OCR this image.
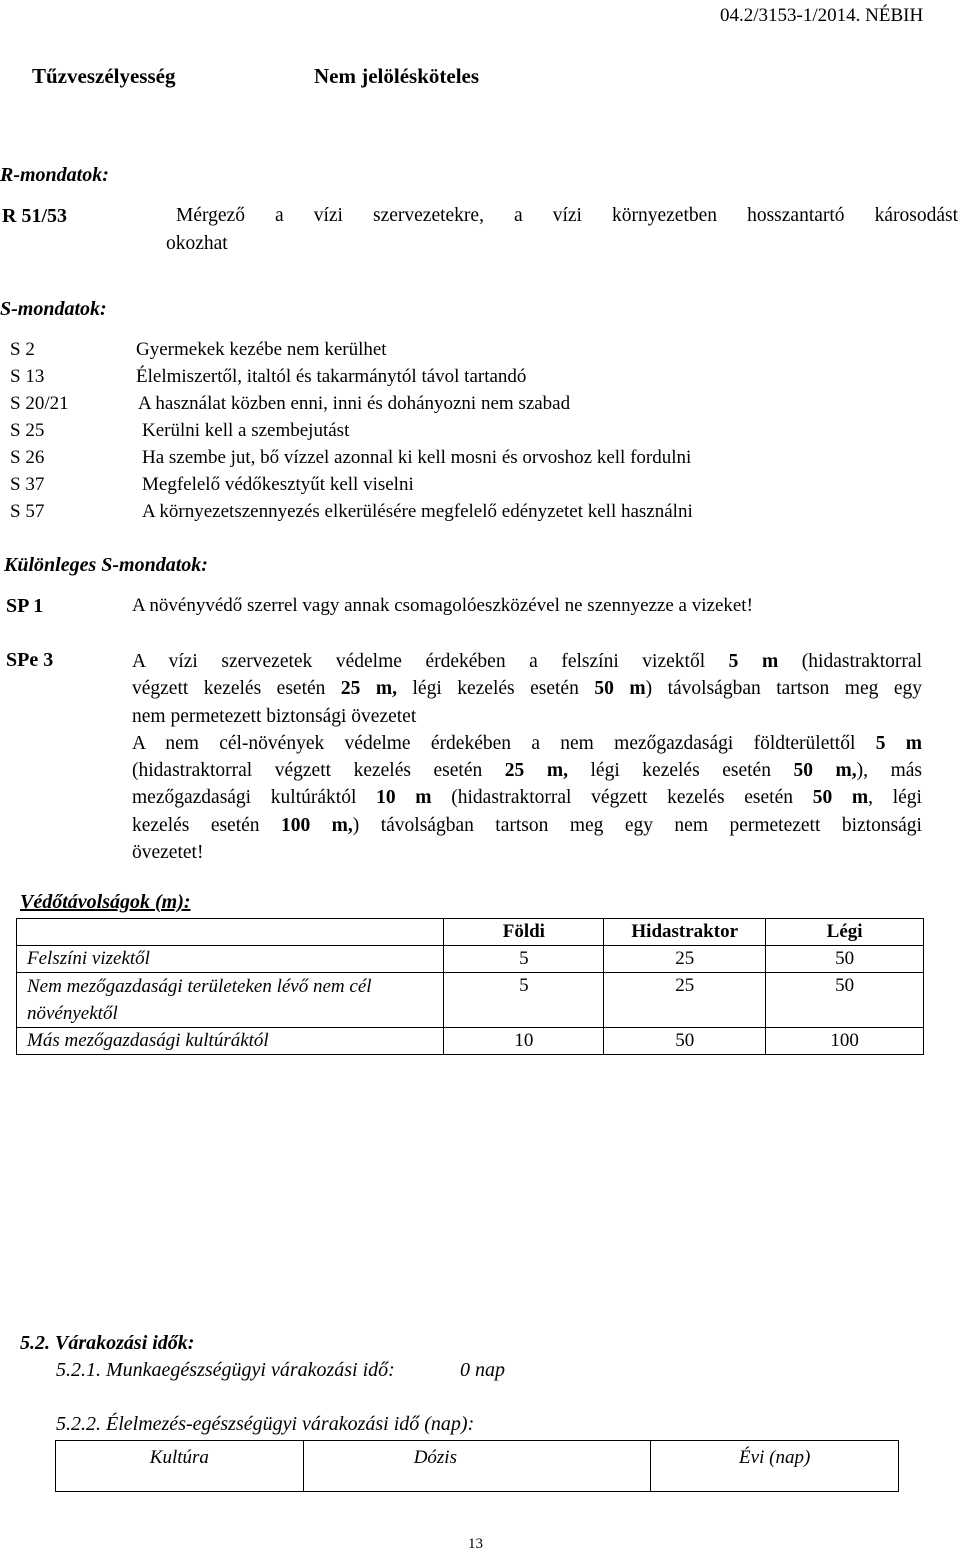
04.2/3153-1/2014. NÉBIH
Tűzveszélyesség	Nem jelölésköteles
R-mondatok:
R 51/53	Mérgező a vízi szervezetekre, a vízi környezetben hosszantartó károsodást
okozhat
S-mondatok:
S 2	Gyermekek kezébe nem kerülhet
S 13	Élelmiszertől, italtól és takarmánytól távol tartandó
S 20/21	A használat közben enni, inni és dohányozni nem szabad
S 25	Kerülni kell a szembejutást
S 26	Ha szembe jut, bő vízzel azonnal ki kell mosni és orvoshoz kell fordulni
S 37	Megfelelő védőkesztyűt kell viselni
S 57	A környezetszennyezés elkerülésére megfelelő edényzetet kell használni
Különleges S-mondatok:
SP 1	A növényvédő szerrel vagy annak csomagolóeszközével ne szennyezze a vizeket!
SPe 3	A vízi szervezetek védelme érdekében a felszíni vizektől 5 m (hidastraktorral
végzett kezelés esetén 25 m, légi kezelés esetén 50 m) távolságban tartson meg egy
nem permetezett biztonsági övezetet
A nem cél-növények védelme érdekében a nem mezőgazdasági földterülettől 5 m
(hidastraktorral végzett kezelés esetén 25 m, légi kezelés esetén 50 m,), más
mezőgazdasági kultúráktól 10 m (hidastraktorral végzett kezelés esetén 50 m, légi
kezelés esetén 100 m,) távolságban tartson meg egy nem permetezett biztonsági
övezetet!
Védőtávolságok (m):
	Földi	Hidastraktor	Légi
Felszíni vizektől	5	25	50
Nem mezőgazdasági területeken lévő nem cél növényektől	5	25	50
Más mezőgazdasági kultúráktól	10	50	100
5.2. Várakozási idők:
5.2.1. Munkaegészségügyi várakozási idő:	0 nap
5.2.2. Élelmezés-egészségügyi várakozási idő (nap):
Kultúra	Dózis	Évi (nap)
13
